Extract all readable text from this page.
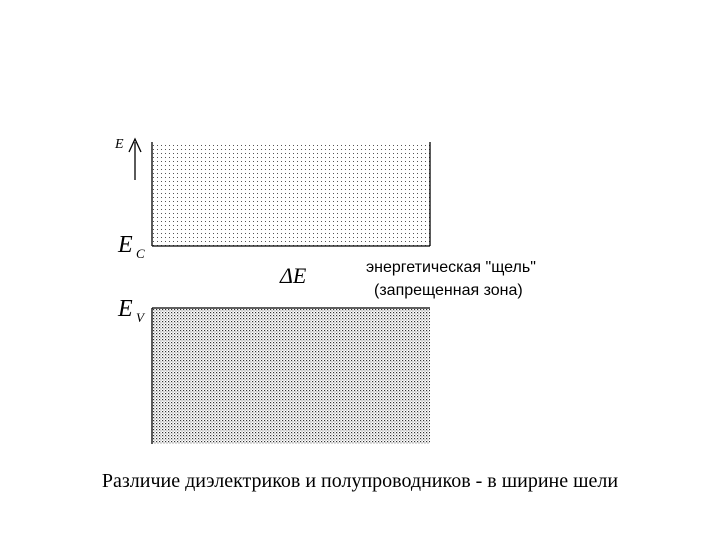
E
E C
E V
ΔE	энергетическая "щель"
(запрещенная зона)
Различие диэлектриков и полупроводников - в ширине шели
